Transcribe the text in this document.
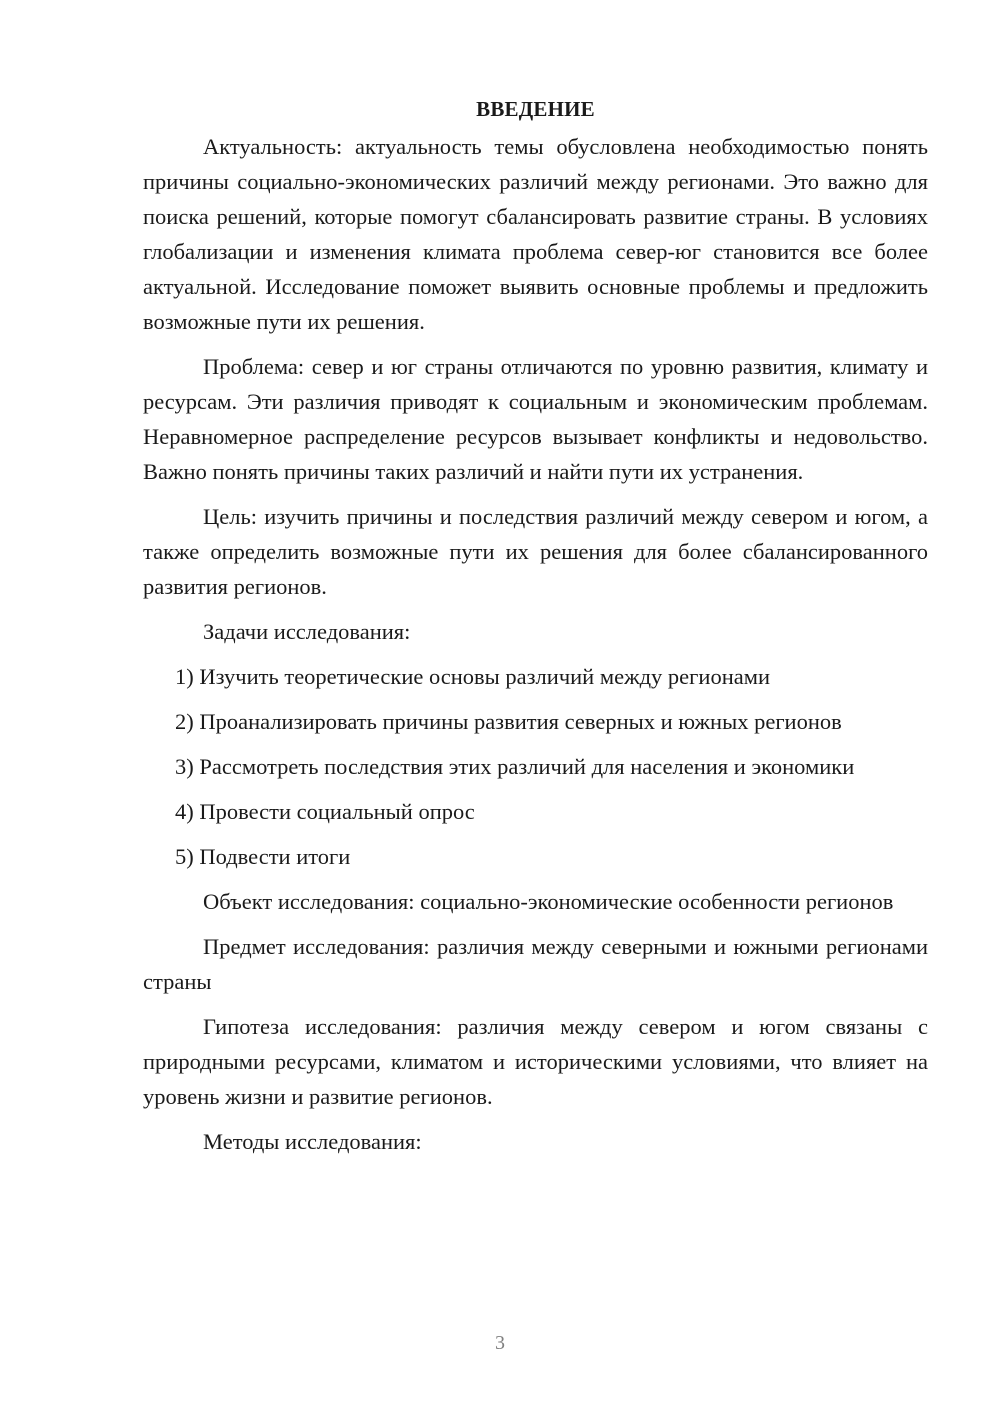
ВВЕДЕНИЕ

Актуальность: актуальность темы обусловлена необходимостью понять причины социально-экономических различий между регионами. Это важно для поиска решений, которые помогут сбалансировать развитие страны. В условиях глобализации и изменения климата проблема север-юг становится все более актуальной. Исследование поможет выявить основные проблемы и предложить возможные пути их решения.

Проблема: север и юг страны отличаются по уровню развития, климату и ресурсам. Эти различия приводят к социальным и экономическим проблемам. Неравномерное распределение ресурсов вызывает конфликты и недовольство. Важно понять причины таких различий и найти пути их устранения.

Цель: изучить причины и последствия различий между севером и югом, а также определить возможные пути их решения для более сбалансированного развития регионов.

Задачи исследования:
1) Изучить теоретические основы различий между регионами
2) Проанализировать причины развития северных и южных регионов
3) Рассмотреть последствия этих различий для населения и экономики
4) Провести социальный опрос
5) Подвести итоги

Объект исследования: социально-экономические особенности регионов

Предмет исследования: различия между северными и южными регионами страны

Гипотеза исследования: различия между севером и югом связаны с природными ресурсами, климатом и историческими условиями, что влияет на уровень жизни и развитие регионов.

Методы исследования:
3
